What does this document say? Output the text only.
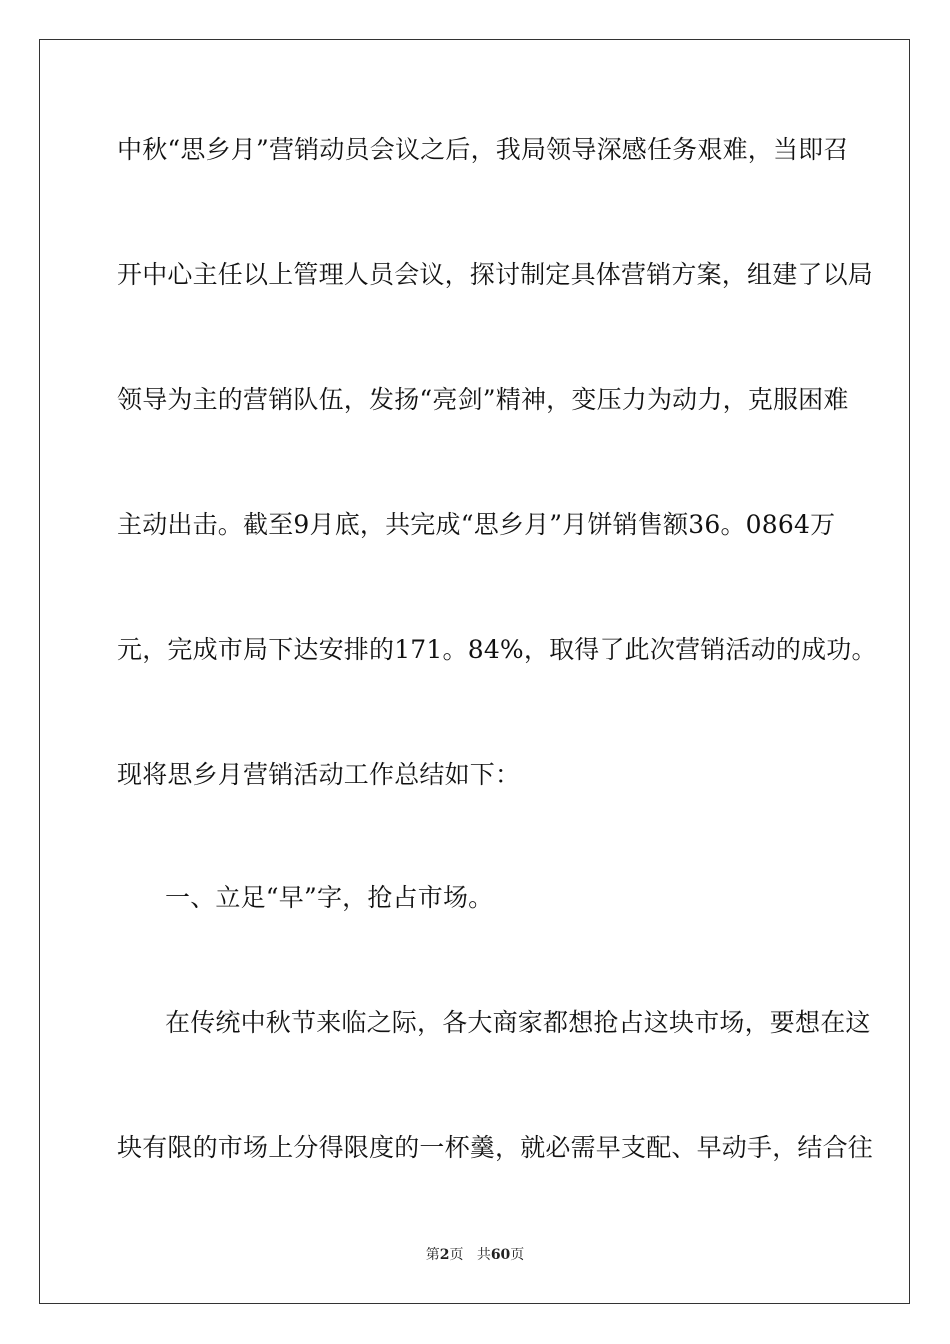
中秋“思乡月”营销动员会议之后，我局领导深感任务艰难，当即召
开中心主任以上管理人员会议，探讨制定具体营销方案，组建了以局
领导为主的营销队伍，发扬“亮剑”精神，变压力为动力，克服困难
主动出击。截至9月底，共完成“思乡月”月饼销售额36。0864万
元，完成市局下达安排的171。84%，取得了此次营销活动的成功。
现将思乡月营销活动工作总结如下：
一、立足“早”字，抢占市场。
在传统中秋节来临之际，各大商家都想抢占这块市场，要想在这
块有限的市场上分得限度的一杯羹，就必需早支配、早动手，结合往
第2页 共60页
